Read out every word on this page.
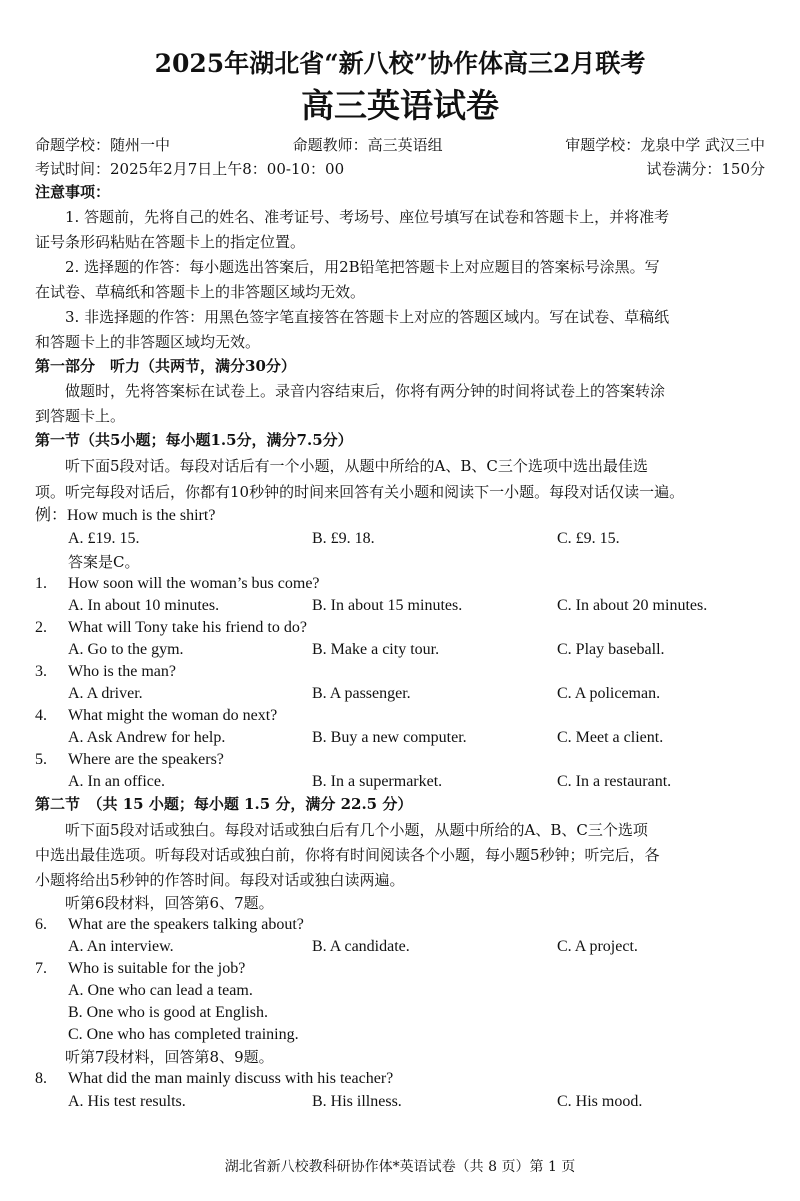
2025年湖北省“新八校”协作体高三2月联考
高三英语试卷
命题学校：随州一中	命题教师：高三英语组	审题学校：龙泉中学 武汉三中
考试时间：2025年2月7日上午8：00-10：00	试卷满分：150分
注意事项：
1. 答题前，先将自己的姓名、准考证号、考场号、座位号填写在试卷和答题卡上，并将准考
证号条形码粘贴在答题卡上的指定位置。
2. 选择题的作答：每小题选出答案后，用2B铅笔把答题卡上对应题目的答案标号涂黑。写
在试卷、草稿纸和答题卡上的非答题区域均无效。
3. 非选择题的作答：用黑色签字笔直接答在答题卡上对应的答题区域内。写在试卷、草稿纸
和答题卡上的非答题区域均无效。
第一部分　听力（共两节，满分30分）
做题时，先将答案标在试卷上。录音内容结束后，你将有两分钟的时间将试卷上的答案转涂
到答题卡上。
第一节（共5小题；每小题1.5分，满分7.5分）
听下面5段对话。每段对话后有一个小题，从题中所给的A、B、C三个选项中选出最佳选
项。听完每段对话后，你都有10秒钟的时间来回答有关小题和阅读下一小题。每段对话仅读一遍。
例：How much is the shirt?
A. £19. 15.	B. £9. 18.	C. £9. 15.
答案是C。
1. How soon will the woman’s bus come?
A. In about 10 minutes.	B. In about 15 minutes.	C. In about 20 minutes.
2. What will Tony take his friend to do?
A. Go to the gym.	B. Make a city tour.	C. Play baseball.
3. Who is the man?
A. A driver.	B. A passenger.	C. A policeman.
4. What might the woman do next?
A. Ask Andrew for help.	B. Buy a new computer.	C. Meet a client.
5. Where are the speakers?
A. In an office.	B. In a supermarket.	C. In a restaurant.
第二节　（共 15 小题；每小题 1.5 分，满分 22.5 分）
听下面5段对话或独白。每段对话或独白后有几个小题，从题中所给的A、B、C三个选项
中选出最佳选项。听每段对话或独白前，你将有时间阅读各个小题，每小题5秒钟；听完后，各
小题将给出5秒钟的作答时间。每段对话或独白读两遍。
听第6段材料，回答第6、7题。
6. What are the speakers talking about?
A. An interview.	B. A candidate.	C. A project.
7. Who is suitable for the job?
A. One who can lead a team.
B. One who is good at English.
C. One who has completed training.
听第7段材料，回答第8、9题。
8. What did the man mainly discuss with his teacher?
A. His test results.	B. His illness.	C. His mood.
湖北省新八校教科研协作体*英语试卷（共 8 页）第 1 页
